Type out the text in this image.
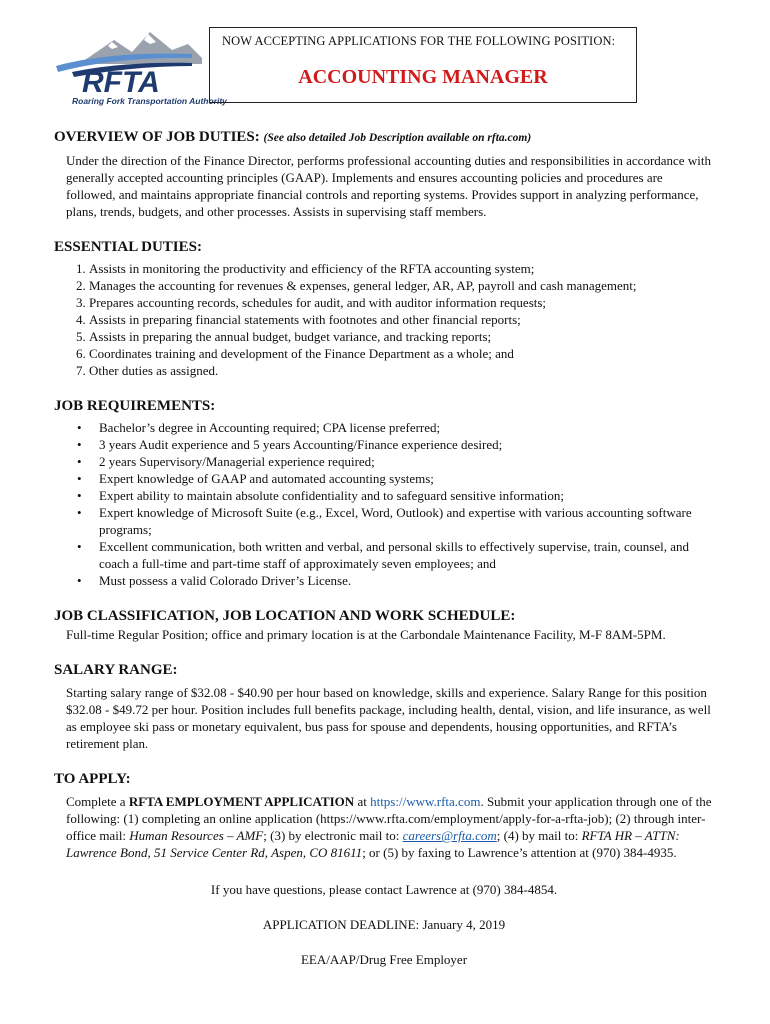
RFTA
Roaring Fork Transportation Authority
NOW ACCEPTING APPLICATIONS FOR THE FOLLOWING POSITION:
ACCOUNTING MANAGER
OVERVIEW OF JOB DUTIES: (See also detailed Job Description available on rfta.com)

Under the direction of the Finance Director, performs professional accounting duties and responsibilities in accordance with generally accepted accounting principles (GAAP). Implements and ensures accounting policies and procedures are followed, and maintains appropriate financial controls and reporting systems. Provides support in analyzing performance, plans, trends, budgets, and other processes. Assists in supervising staff members.

ESSENTIAL DUTIES:
1. Assists in monitoring the productivity and efficiency of the RFTA accounting system;
2. Manages the accounting for revenues & expenses, general ledger, AR, AP, payroll and cash management;
3. Prepares accounting records, schedules for audit, and with auditor information requests;
4. Assists in preparing financial statements with footnotes and other financial reports;
5. Assists in preparing the annual budget, budget variance, and tracking reports;
6. Coordinates training and development of the Finance Department as a whole; and
7. Other duties as assigned.
JOB REQUIREMENTS:
• Bachelor’s degree in Accounting required; CPA license preferred;
• 3 years Audit experience and 5 years Accounting/Finance experience desired;
• 2 years Supervisory/Managerial experience required;
• Expert knowledge of GAAP and automated accounting systems;
• Expert ability to maintain absolute confidentiality and to safeguard sensitive information;
• Expert knowledge of Microsoft Suite (e.g., Excel, Word, Outlook) and expertise with various accounting software programs;
• Excellent communication, both written and verbal, and personal skills to effectively supervise, train, counsel, and coach a full-time and part-time staff of approximately seven employees; and
• Must possess a valid Colorado Driver’s License.
JOB CLASSIFICATION, JOB LOCATION AND WORK SCHEDULE:

Full-time Regular Position; office and primary location is at the Carbondale Maintenance Facility, M-F 8AM-5PM.

SALARY RANGE:

Starting salary range of $32.08 - $40.90 per hour based on knowledge, skills and experience. Salary Range for this position $32.08 - $49.72 per hour. Position includes full benefits package, including health, dental, vision, and life insurance, as well as employee ski pass or monetary equivalent, bus pass for spouse and dependents, housing opportunities, and RFTA’s retirement plan.

TO APPLY:

Complete a RFTA EMPLOYMENT APPLICATION at https://www.rfta.com. Submit your application through one of the following: (1) completing an online application (https://www.rfta.com/employment/apply-for-a-rfta-job); (2) through inter-office mail: Human Resources – AMF; (3) by electronic mail to: careers@rfta.com; (4) by mail to: RFTA HR – ATTN: Lawrence Bond, 51 Service Center Rd, Aspen, CO 81611; or (5) by faxing to Lawrence’s attention at (970) 384-4935.

If you have questions, please contact Lawrence at (970) 384-4854.

APPLICATION DEADLINE: January 4, 2019

EEA/AAP/Drug Free Employer
